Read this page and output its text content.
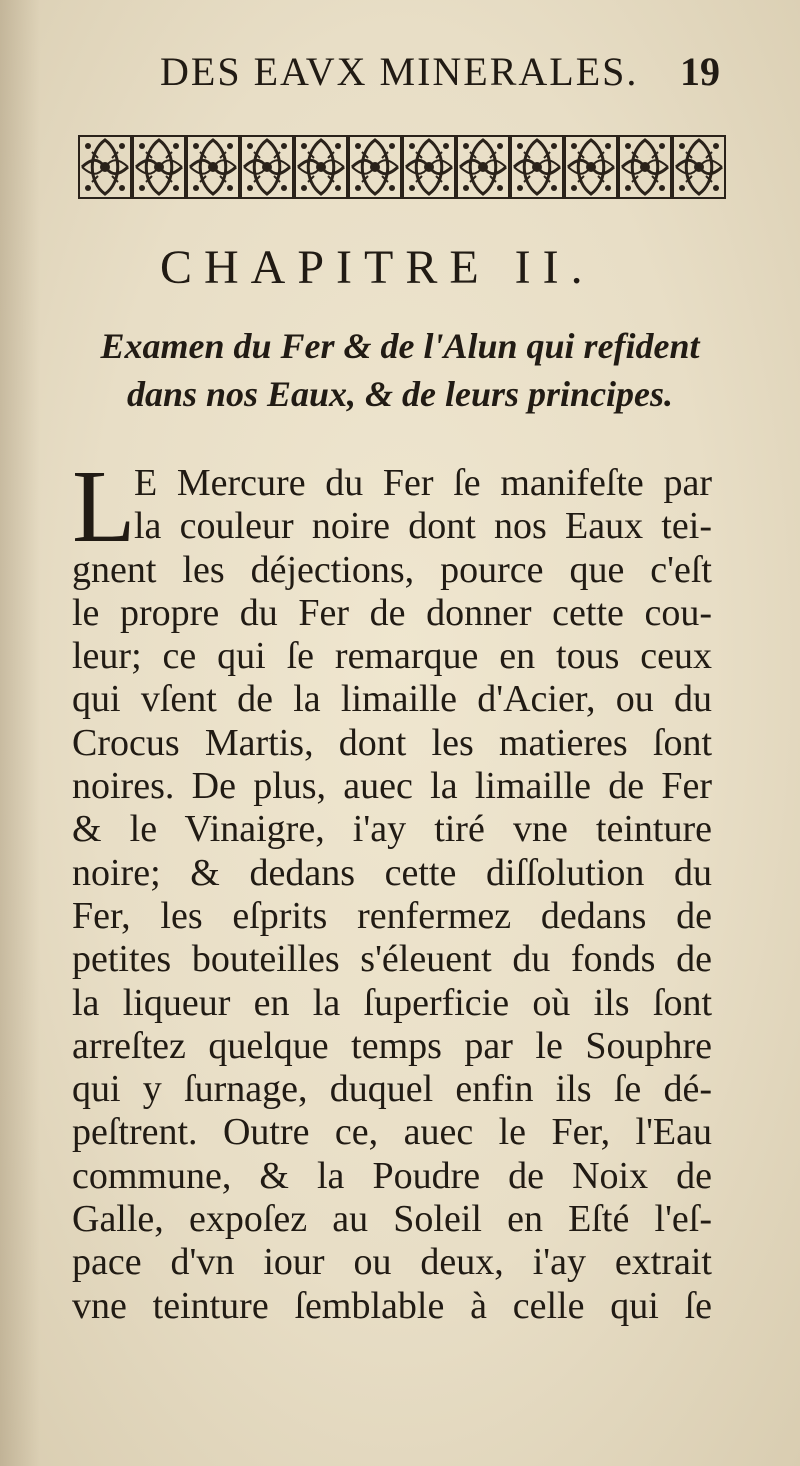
DES EAVX MINERALES. 19
CHAPITRE II.
Examen du Fer & de l'Alun qui refident
dans nos Eaux, & de leurs principes.
L
E Mercure du Fer ſe manifeſte par
la couleur noire dont nos Eaux tei-
gnent les déjections, pource que c'eſt
le propre du Fer de donner cette cou-
leur; ce qui ſe remarque en tous ceux
qui vſent de la limaille d'Acier, ou du
Crocus Martis, dont les matieres ſont
noires. De plus, auec la limaille de Fer
& le Vinaigre, i'ay tiré vne teinture
noire; & dedans cette diſſolution du
Fer, les eſprits renfermez dedans de
petites bouteilles s'éleuent du fonds de
la liqueur en la ſuperficie où ils ſont
arreſtez quelque temps par le Souphre
qui y ſurnage, duquel enfin ils ſe dé-
peſtrent. Outre ce, auec le Fer, l'Eau
commune, & la Poudre de Noix de
Galle, expoſez au Soleil en Eſté l'eſ-
pace d'vn iour ou deux, i'ay extrait
vne teinture ſemblable à celle qui ſe
